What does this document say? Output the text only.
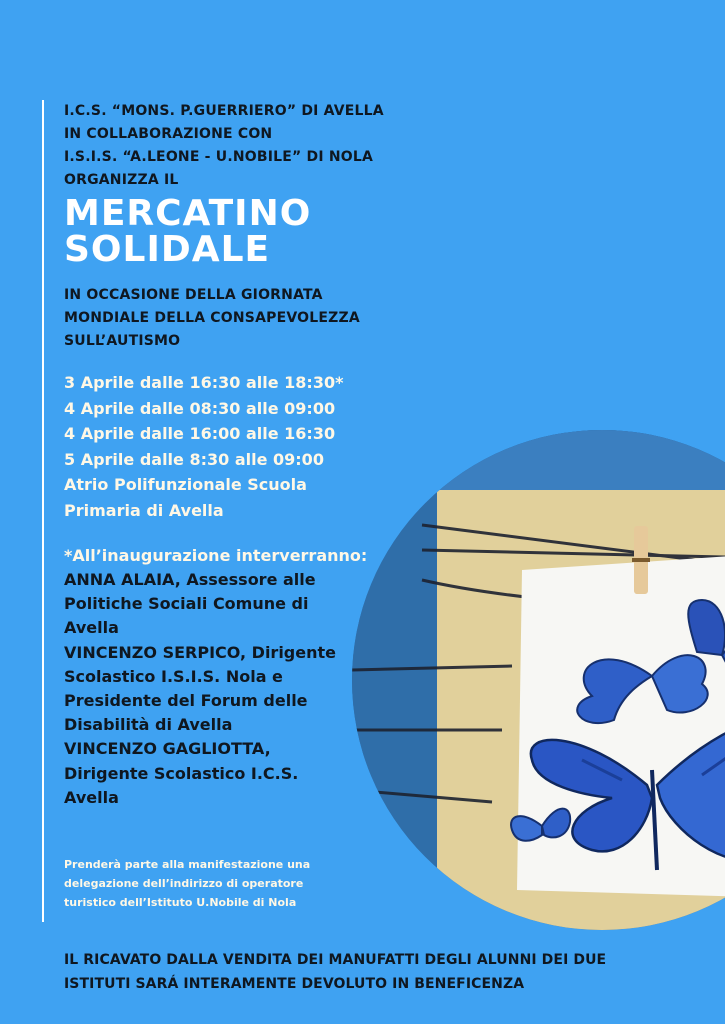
I.C.S. “MONS. P.GUERRIERO” DI AVELLA
IN COLLABORAZIONE CON
I.S.I.S. “A.LEONE - U.NOBILE” DI NOLA
ORGANIZZA IL
MERCATINO
SOLIDALE
IN OCCASIONE DELLA GIORNATA
MONDIALE DELLA CONSAPEVOLEZZA
SULL’AUTISMO
3 Aprile dalle 16:30 alle 18:30*
4 Aprile dalle 08:30 alle 09:00
4 Aprile dalle 16:00 alle 16:30
5 Aprile dalle 8:30 alle 09:00
Atrio Polifunzionale Scuola
Primaria di Avella

*All’inaugurazione interverranno:

ANNA ALAIA, Assessore alle
Politiche Sociali Comune di
Avella
VINCENZO SERPICO, Dirigente
Scolastico I.S.I.S. Nola e
Presidente del Forum delle
Disabilità di Avella
VINCENZO GAGLIOTTA,
Dirigente Scolastico I.C.S.
Avella
Prenderà parte alla manifestazione una
delegazione dell’indirizzo di operatore
turistico dell’Istituto U.Nobile di Nola
IL RICAVATO DALLA VENDITA DEI MANUFATTI DEGLI ALUNNI DEI DUE
ISTITUTI SARÁ INTERAMENTE DEVOLUTO IN BENEFICENZA
